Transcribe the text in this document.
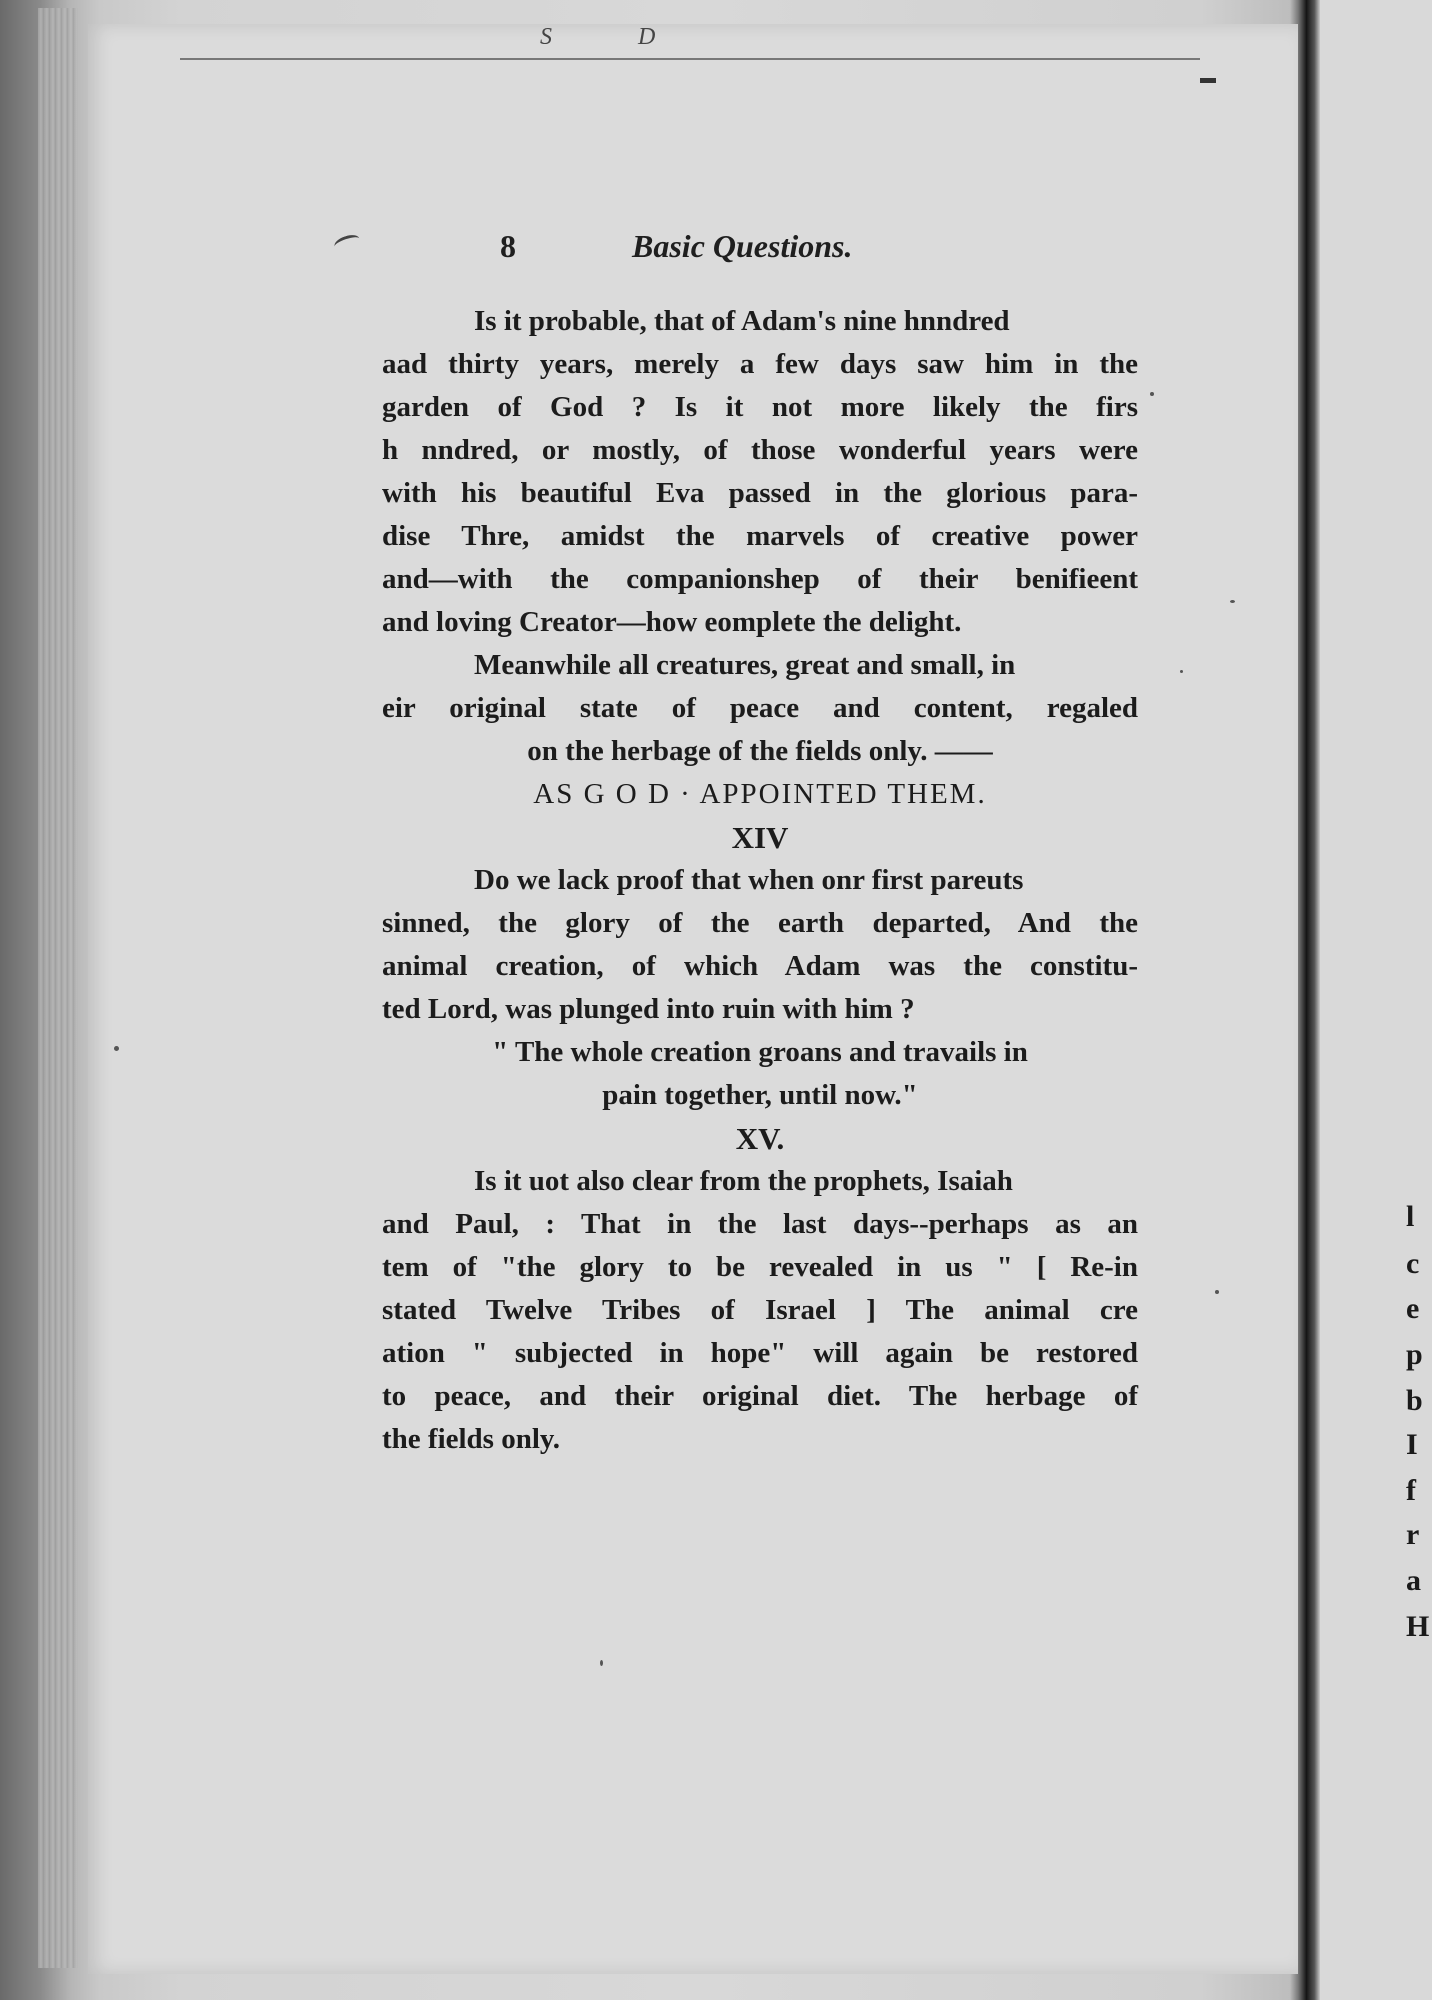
S D
8	Basic Questions.
Is it probable, that of Adam's nine hnndred
aad thirty years, merely a few days saw him in the
garden of God ? Is it not more likely the firs
h nndred, or mostly, of those wonderful years were
with his beautiful Eva passed in the glorious para-
dise Thre, amidst the marvels of creative power
and—with the companionshep of their benifieent
and loving Creator—how eomplete the delight.
Meanwhile all creatures, great and small, in
eir original state of peace and content, regaled
on the herbage of the fields only. ——
AS G O D · APPOINTED THEM.
XIV
Do we lack proof that when onr first pareuts
sinned, the glory of the earth departed, And the
animal creation, of which Adam was the constitu-
ted Lord, was plunged into ruin with him ?
" The whole creation groans and travails in
pain together, until now."
XV.
Is it uot also clear from the prophets, Isaiah
and Paul, : That in the last days--perhaps as an
tem of "the glory to be revealed in us " [ Re-in
stated Twelve Tribes of Israel ] The animal cre
ation " subjected in hope" will again be restored
to peace, and their original diet. The herbage of
the fields only.
l
c
e
p
b
I
f
r
a
H
